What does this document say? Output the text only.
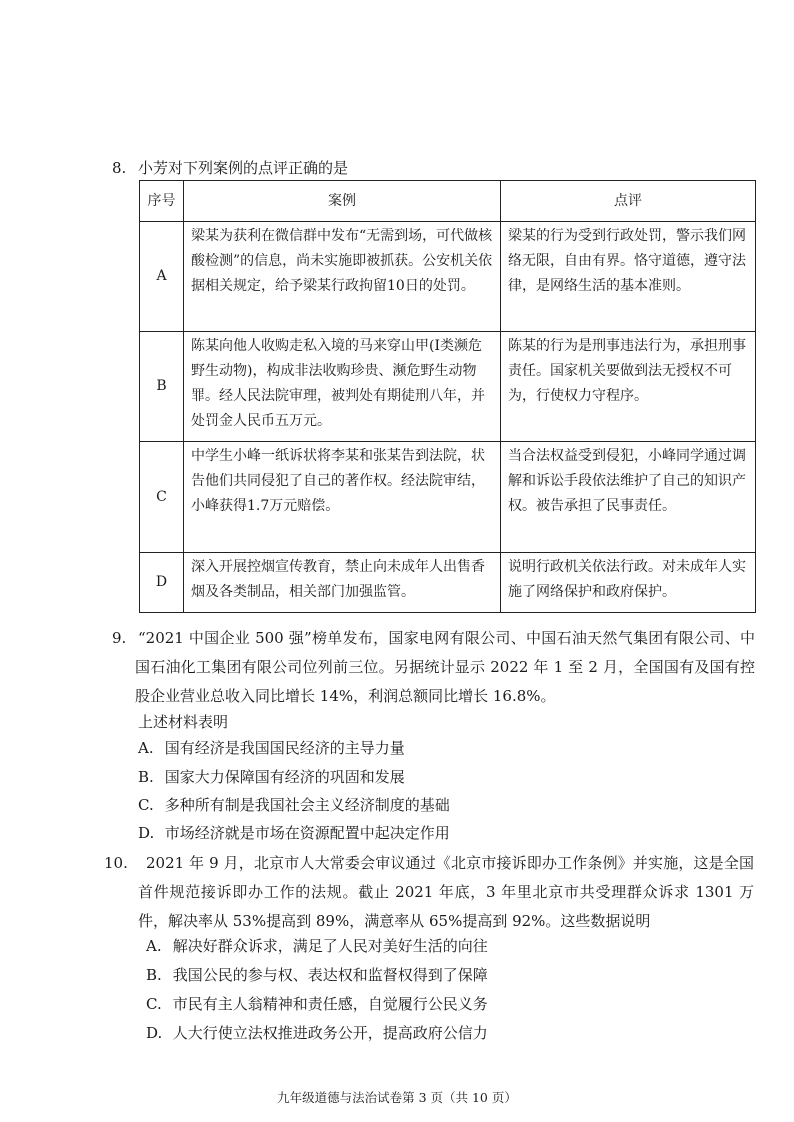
8. 小芳对下列案例的点评正确的是
序号	案例	点评
A	梁某为获利在微信群中发布“无需到场，可代做核酸检测”的信息，尚未实施即被抓获。公安机关依据相关规定，给予梁某行政拘留10日的处罚。	梁某的行为受到行政处罚，警示我们网络无限，自由有界。恪守道德，遵守法律，是网络生活的基本准则。
B	陈某向他人收购走私入境的马来穿山甲(Ⅰ类濒危野生动物)，构成非法收购珍贵、濒危野生动物罪。经人民法院审理，被判处有期徒刑八年，并处罚金人民币五万元。	陈某的行为是刑事违法行为，承担刑事责任。国家机关要做到法无授权不可为，行使权力守程序。
C	中学生小峰一纸诉状将李某和张某告到法院，状告他们共同侵犯了自己的著作权。经法院审结，小峰获得1.7万元赔偿。	当合法权益受到侵犯，小峰同学通过调解和诉讼手段依法维护了自己的知识产权。被告承担了民事责任。
D	深入开展控烟宣传教育，禁止向未成年人出售香烟及各类制品，相关部门加强监管。	说明行政机关依法行政。对未成年人实施了网络保护和政府保护。
9. “2021 中国企业 500 强”榜单发布，国家电网有限公司、中国石油天然气集团有限公司、中国石油化工集团有限公司位列前三位。另据统计显示 2022 年 1 至 2 月，全国国有及国有控股企业营业总收入同比增长 14%，利润总额同比增长 16.8%。
上述材料表明
A. 国有经济是我国国民经济的主导力量
B. 国家大力保障国有经济的巩固和发展
C. 多种所有制是我国社会主义经济制度的基础
D. 市场经济就是市场在资源配置中起决定作用
10.	2021 年 9 月，北京市人大常委会审议通过《北京市接诉即办工作条例》并实施，这是全国首件规范接诉即办工作的法规。截止 2021 年底，3 年里北京市共受理群众诉求 1301 万件，解决率从 53%提高到 89%，满意率从 65%提高到 92%。这些数据说明
A. 解决好群众诉求，满足了人民对美好生活的向往
B. 我国公民的参与权、表达权和监督权得到了保障
C. 市民有主人翁精神和责任感，自觉履行公民义务
D. 人大行使立法权推进政务公开，提高政府公信力
九年级道德与法治试卷第 3 页（共 10 页）
